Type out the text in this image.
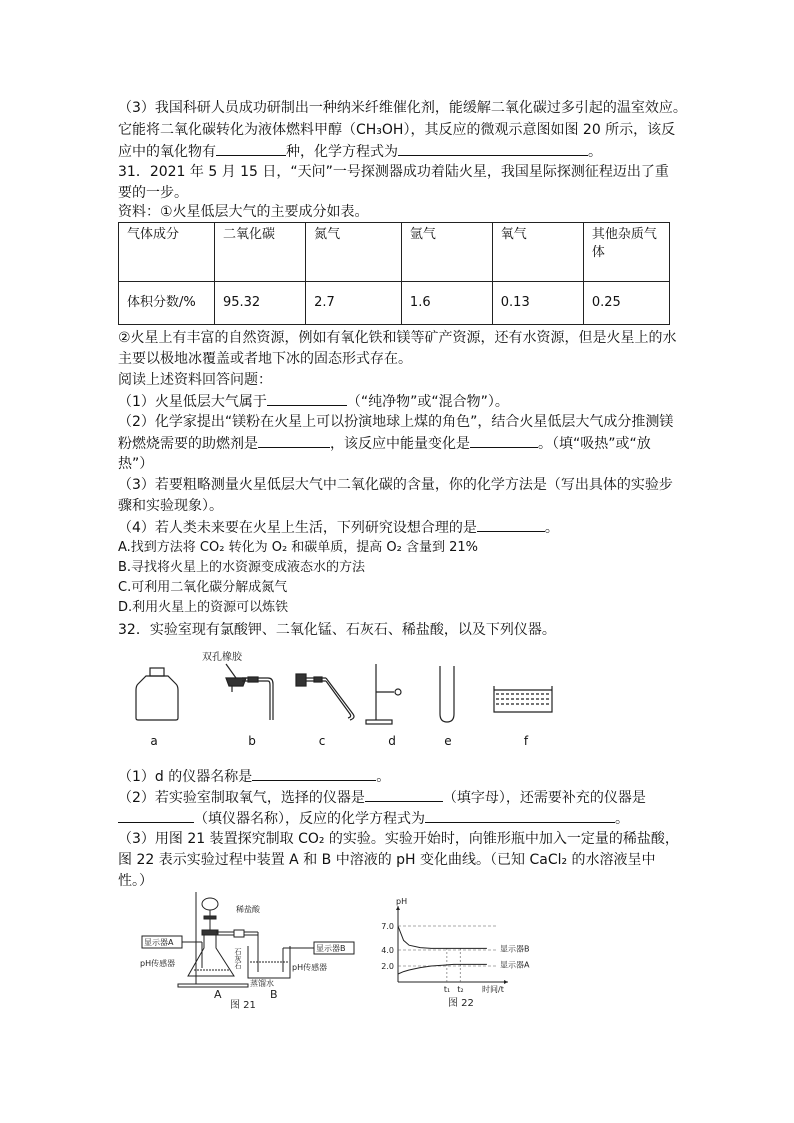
（3）我国科研人员成功研制出一种纳米纤维催化剂，能缓解二氧化碳过多引起的温室效应。
它能将二氧化碳转化为液体燃料甲醇（CH₃OH），其反应的微观示意图如图 20 所示，该反
应中的氧化物有	种，化学方程式为	。
31．2021 年 5 月 15 日，“天问”一号探测器成功着陆火星，我国星际探测征程迈出了重
要的一步。
资料：①火星低层大气的主要成分如表。
气体成分	二氧化碳	氮气	氩气	氧气	其他杂质气体
体积分数/%	95.32	2.7	1.6	0.13	0.25
②火星上有丰富的自然资源，例如有氧化铁和镁等矿产资源，还有水资源，但是火星上的水
主要以极地冰覆盖或者地下冰的固态形式存在。
阅读上述资料回答问题：
（1）火星低层大气属于	（“纯净物”或“混合物”）。
（2）化学家提出“镁粉在火星上可以扮演地球上煤的角色”，结合火星低层大气成分推测镁
粉燃烧需要的助燃剂是	，该反应中能量变化是	。（填“吸热”或“放
热”）
（3）若要粗略测量火星低层大气中二氧化碳的含量，你的化学方法是（写出具体的实验步
骤和实验现象）。
（4）若人类未来要在火星上生活，下列研究设想合理的是	。
A.找到方法将 CO₂ 转化为 O₂ 和碳单质，提高 O₂ 含量到 21%
B.寻找将火星上的水资源变成液态水的方法
C.可利用二氧化碳分解成氮气
D.利用火星上的资源可以炼铁
32．实验室现有氯酸钾、二氧化锰、石灰石、稀盐酸，以及下列仪器。
双孔橡胶
a	b	c	d	e	f
（1）d 的仪器名称是	。
（2）若实验室制取氧气，选择的仪器是	（填字母），还需要补充的仪器是
（填仪器名称），反应的化学方程式为	。
（3）用图 21 装置探究制取 CO₂ 的实验。实验开始时，向锥形瓶中加入一定量的稀盐酸，
图 22 表示实验过程中装置 A 和 B 中溶液的 pH 变化曲线。（已知 CaCl₂ 的水溶液呈中
性。）
稀盐酸
显示器A
显示器B
pH传感器	pH传感器
蒸馏水
石灰石
A	B
图 21
pH
7.0
4.0
2.0
t₁ t₂ 时间/t
显示器B
显示器A
图 22
